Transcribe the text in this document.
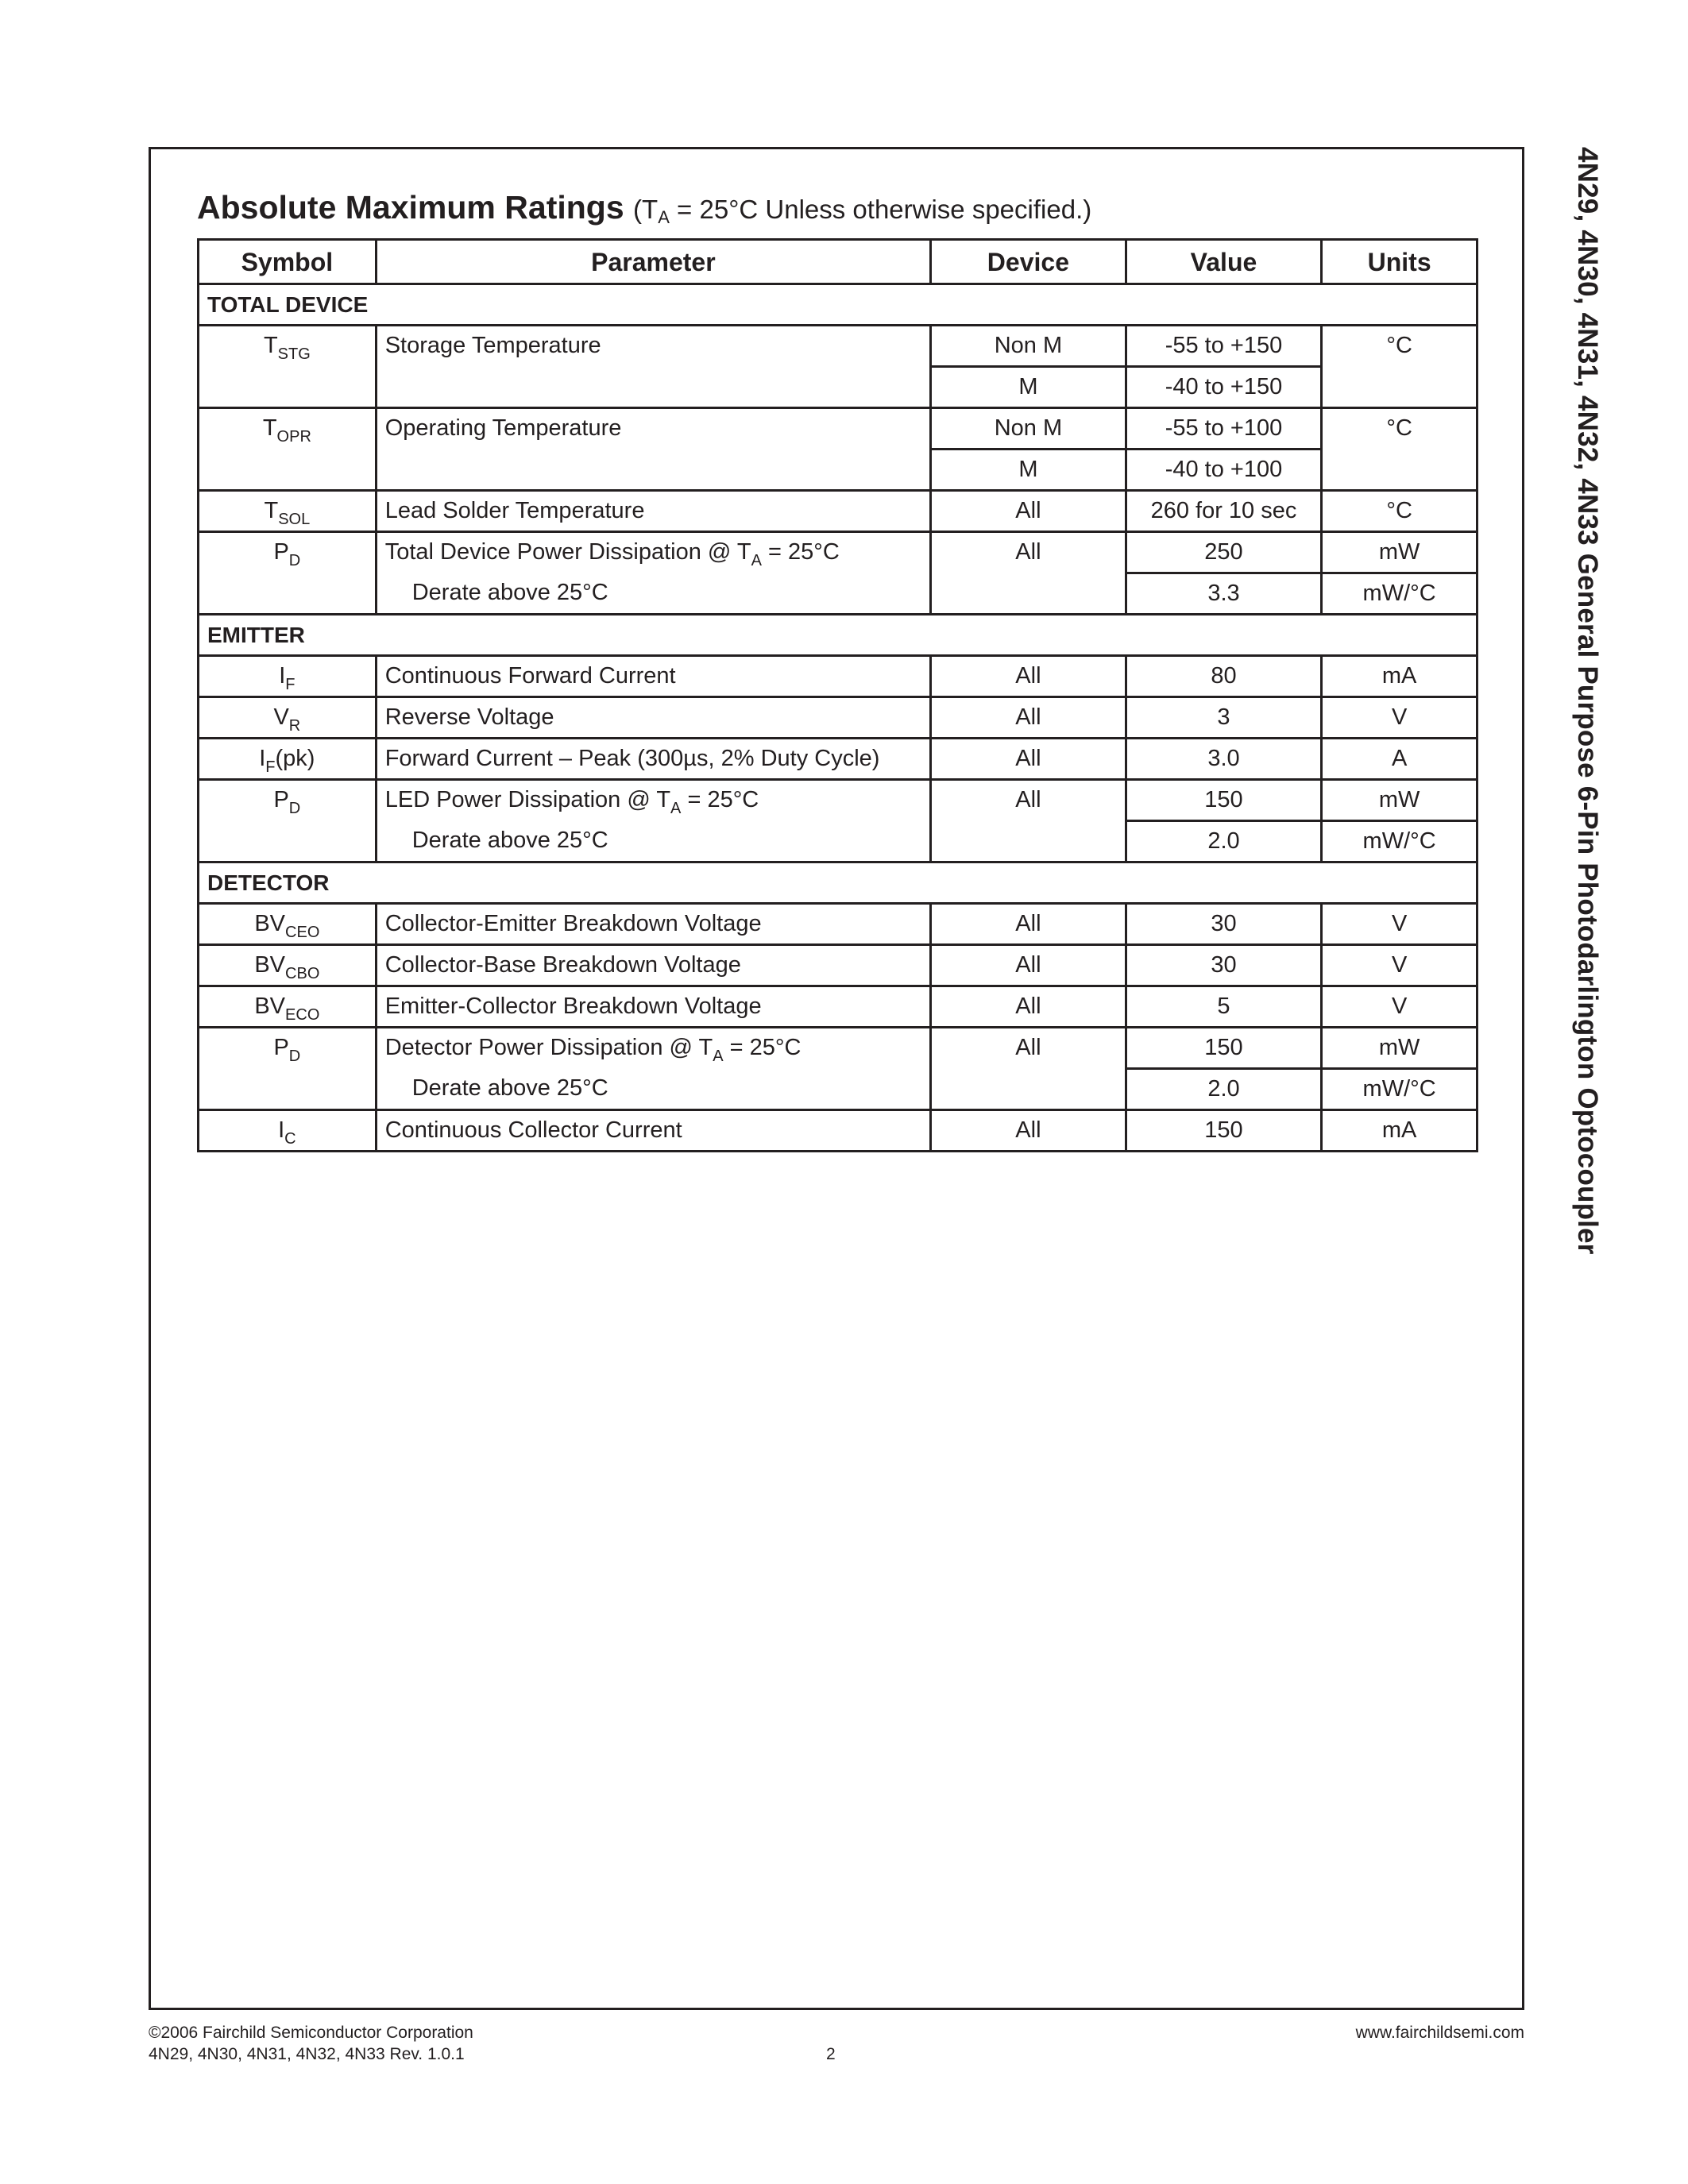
4N29, 4N30, 4N31, 4N32, 4N33 General Purpose 6-Pin Photodarlington Optocoupler
Absolute Maximum Ratings ($T_A = 25^\circ C$ Unless otherwise specified.)
Symbol	Parameter	Device	Value	Units
TOTAL DEVICE				
$T_{STG}$	Storage Temperature	Non M	-55 to +150	°C
		M	-40 to +150	
$T_{OPR}$	Operating Temperature	Non M	-55 to +100	°C
		M	-40 to +100	
$T_{SOL}$	Lead Solder Temperature	All	260 for 10 sec	°C
$P_D$	Total Device Power Dissipation @ $T_A = 25^\circ C$	All	250	mW
	Derate above 25°C		3.3	mW/°C
EMITTER				
$I_F$	Continuous Forward Current	All	80	mA
$V_R$	Reverse Voltage	All	3	V
$I_F(pk)$	Forward Current – Peak (300µs, 2% Duty Cycle)	All	3.0	A
$P_D$	LED Power Dissipation @ $T_A = 25^\circ C$	All	150	mW
	Derate above 25°C		2.0	mW/°C
DETECTOR				
$BV_{CEO}$	Collector-Emitter Breakdown Voltage	All	30	V
$BV_{CBO}$	Collector-Base Breakdown Voltage	All	30	V
$BV_{ECO}$	Emitter-Collector Breakdown Voltage	All	5	V
$P_D$	Detector Power Dissipation @ $T_A = 25^\circ C$	All	150	mW
	Derate above 25°C		2.0	mW/°C
$I_C$	Continuous Collector Current	All	150	mA
©2006 Fairchild Semiconductor Corporation
4N29, 4N30, 4N31, 4N32, 4N33 Rev. 1.0.1	2
www.fairchildsemi.com
